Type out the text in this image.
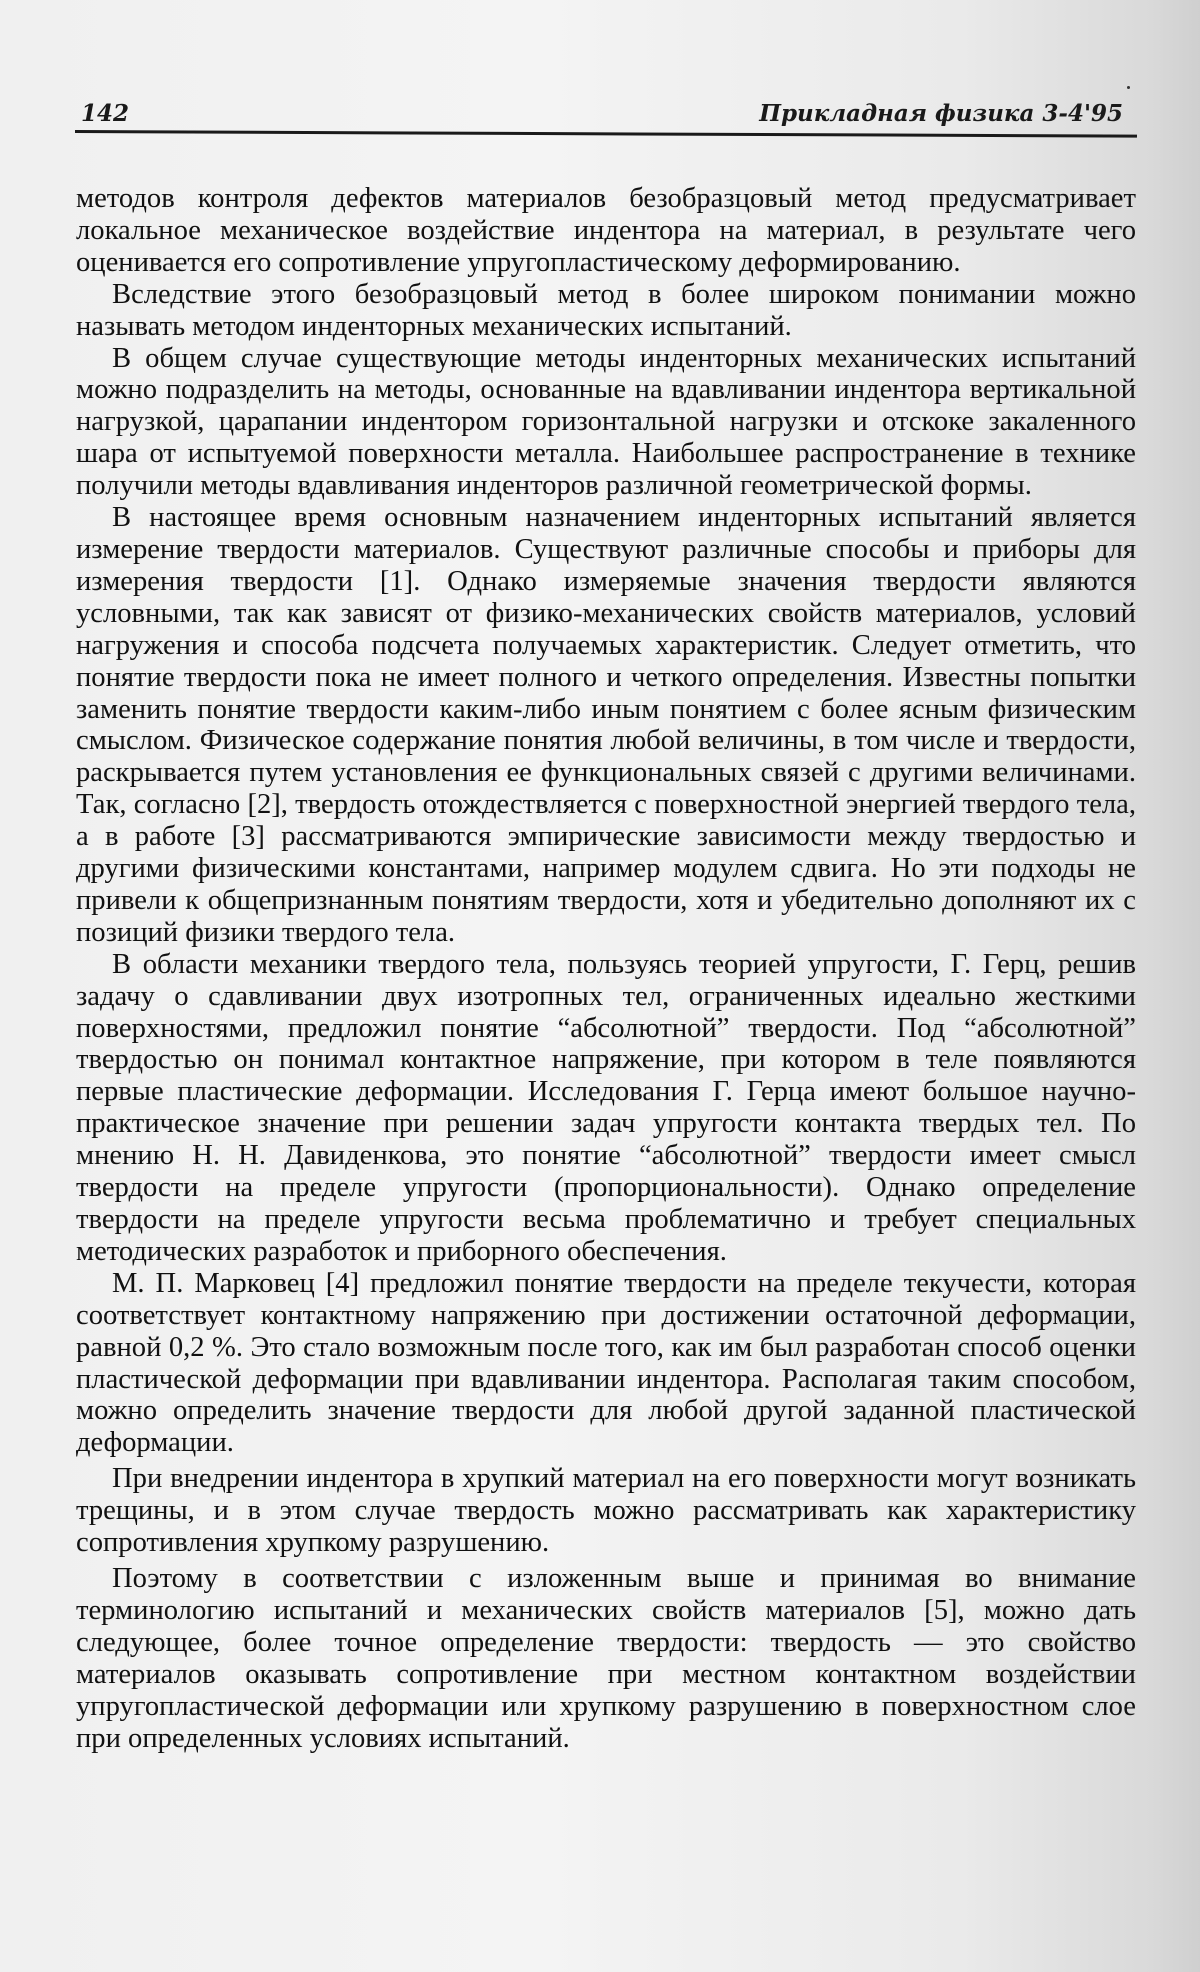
142	Прикладная физика 3-4'95

методов контроля дефектов материалов безобразцовый метод предусматривает локальное механическое воздействие индентора на материал, в результате чего оценивается его сопротивление упругопластическому деформированию.

Вследствие этого безобразцовый метод в более широком понимании можно называть методом инденторных механических испытаний.

В общем случае существующие методы инденторных механических испытаний можно подразделить на методы, основанные на вдавливании индентора вертикальной нагрузкой, царапании индентором горизонтальной нагрузки и отскоке закаленного шара от испытуемой поверхности металла. Наибольшее распространение в технике получили методы вдавливания инденторов различной геометрической формы.

В настоящее время основным назначением инденторных испытаний является измерение твердости материалов. Существуют различные способы и приборы для измерения твердости [1]. Однако измеряемые значения твердости являются условными, так как зависят от физико-механических свойств материалов, условий нагружения и способа подсчета получаемых характеристик. Следует отметить, что понятие твердости пока не имеет полного и четкого определения. Известны попытки заменить понятие твердости каким-либо иным понятием с более ясным физическим смыслом. Физическое содержание понятия любой величины, в том числе и твердости, раскрывается путем установления ее функциональных связей с другими величинами. Так, согласно [2], твердость отождествляется с поверхностной энергией твердого тела, а в работе [3] рассматриваются эмпирические зависимости между твердостью и другими физическими константами, например модулем сдвига. Но эти подходы не привели к общепризнанным понятиям твердости, хотя и убедительно дополняют их с позиций физики твердого тела.

В области механики твердого тела, пользуясь теорией упругости, Г. Герц, решив задачу о сдавливании двух изотропных тел, ограниченных идеально жесткими поверхностями, предложил понятие “абсолютной” твердости. Под “абсолютной” твердостью он понимал контактное напряжение, при котором в теле появляются первые пластические деформации. Исследования Г. Герца имеют большое научно-практическое значение при решении задач упругости контакта твердых тел. По мнению Н. Н. Давиденкова, это понятие “абсолютной” твердости имеет смысл твердости на пределе упругости (пропорциональности). Однако определение твердости на пределе упругости весьма проблематично и требует специальных методических разработок и приборного обеспечения.

М. П. Марковец [4] предложил понятие твердости на пределе текучести, которая соответствует контактному напряжению при достижении остаточной деформации, равной 0,2 %. Это стало возможным после того, как им был разработан способ оценки пластической деформации при вдавливании индентора. Располагая таким способом, можно определить значение твердости для любой другой заданной пластической деформации.

При внедрении индентора в хрупкий материал на его поверхности могут возникать трещины, и в этом случае твердость можно рассматривать как характеристику сопротивления хрупкому разрушению.

Поэтому в соответствии с изложенным выше и принимая во внимание терминологию испытаний и механических свойств материалов [5], можно дать следующее, более точное определение твердости: твердость — это свойство материалов оказывать сопротивление при местном контактном воздействии упругопластической деформации или хрупкому разрушению в поверхностном слое при определенных условиях испытаний.
